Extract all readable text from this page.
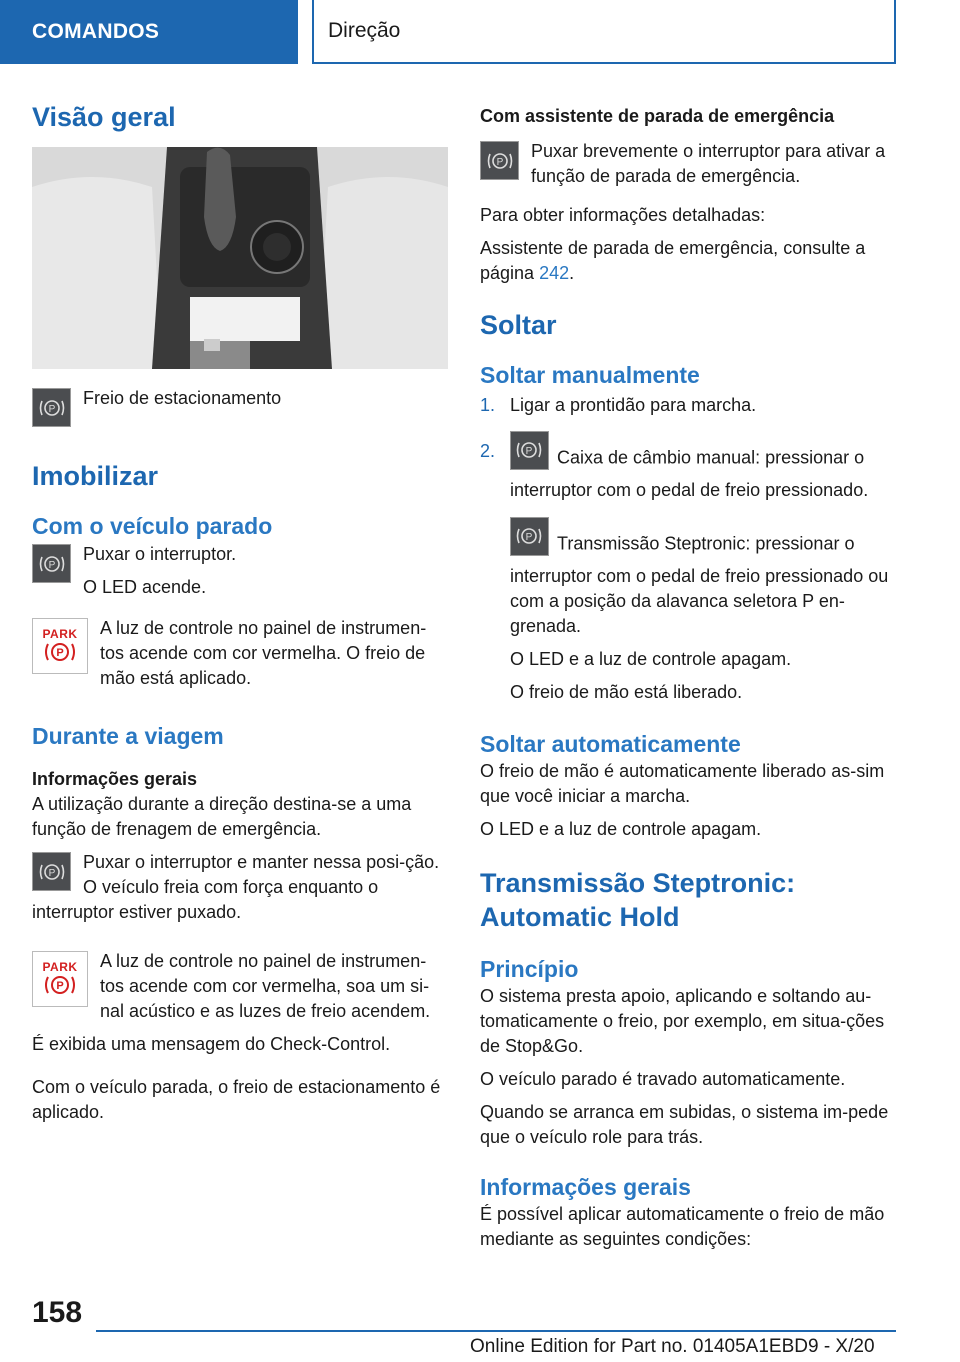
COMANDOS	Direção
Visão geral
P

Freio de estacionamento

Imobilizar
Com o veículo parado
P

Puxar o interruptor.

O LED acende.

PARK
P

A luz de controle no painel de instrumen-tos acende com cor vermelha. O freio de mão está aplicado.

Durante a viagem
Informações gerais

A utilização durante a direção destina-se a uma função de frenagem de emergência.

P

Puxar o interruptor e manter nessa posi-ção. O veículo freia com força enquanto o interruptor estiver puxado.

PARK
P

A luz de controle no painel de instrumen-tos acende com cor vermelha, soa um si-nal acústico e as luzes de freio acendem.

É exibida uma mensagem do Check-Control.

Com o veículo parada, o freio de estacionamento é aplicado.

Com assistente de parada de emergência
P

Puxar brevemente o interruptor para ativar a função de parada de emergência.

Para obter informações detalhadas:

Assistente de parada de emergência, consulte a página 242.

Soltar
Soltar manualmente
1. Ligar a prontidão para marcha.
2.	P Caixa de câmbio manual: pressionar o interruptor com o pedal de freio pressionado.
P Transmissão Steptronic: pressionar o interruptor com o pedal de freio pressionado ou com a posição da alavanca seletora P en-grenada.

O LED e a luz de controle apagam.

O freio de mão está liberado.

Soltar automaticamente

O freio de mão é automaticamente liberado as-sim que você iniciar a marcha.

O LED e a luz de controle apagam.

Transmissão Steptronic:
Automatic Hold
Princípio

O sistema presta apoio, aplicando e soltando au-tomaticamente o freio, por exemplo, em situa-ções de Stop&Go.

O veículo parado é travado automaticamente.

Quando se arranca em subidas, o sistema im-pede que o veículo role para trás.

Informações gerais

É possível aplicar automaticamente o freio de mão mediante as seguintes condições:

158
Online Edition for Part no. 01405A1EBD9 - X/20
